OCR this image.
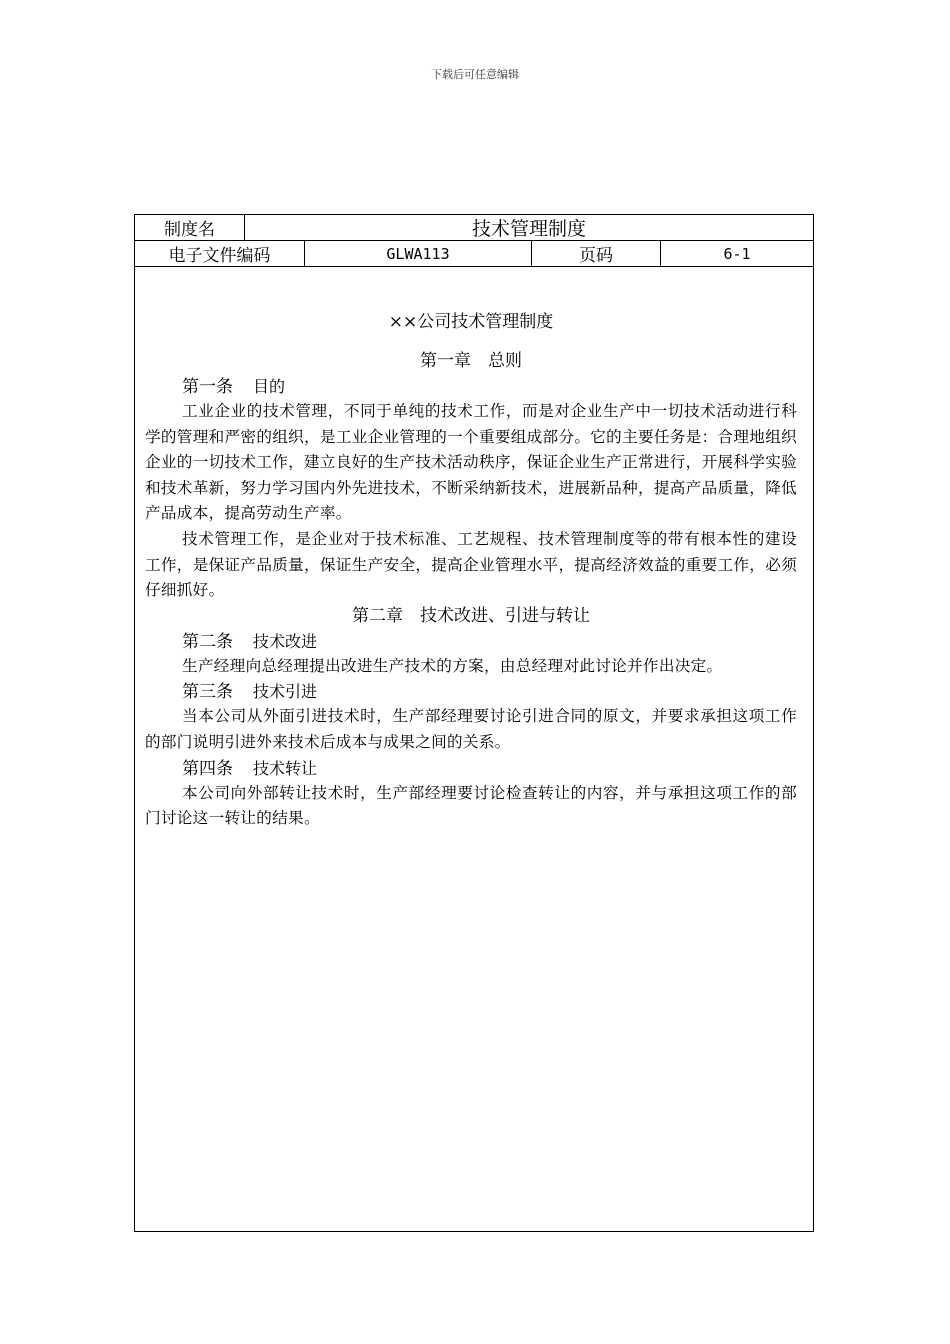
下载后可任意编辑
制度名	技术管理制度
电子文件编码	GLWA113	页码	6-1
××公司技术管理制度
第一章　总则
第一条 目的

工业企业的技术管理，不同于单纯的技术工作，而是对企业生产中一切技术活动进行科学的管理和严密的组织，是工业企业管理的一个重要组成部分。它的主要任务是：合理地组织企业的一切技术工作，建立良好的生产技术活动秩序，保证企业生产正常进行，开展科学实验和技术革新，努力学习国内外先进技术，不断采纳新技术，进展新品种，提高产品质量，降低产品成本，提高劳动生产率。

技术管理工作，是企业对于技术标准、工艺规程、技术管理制度等的带有根本性的建设工作，是保证产品质量，保证生产安全，提高企业管理水平，提高经济效益的重要工作，必须仔细抓好。

第二章　技术改进、引进与转让
第二条 技术改进

生产经理向总经理提出改进生产技术的方案，由总经理对此讨论并作出决定。

第三条 技术引进

当本公司从外面引进技术时，生产部经理要讨论引进合同的原文，并要求承担这项工作的部门说明引进外来技术后成本与成果之间的关系。

第四条 技术转让

本公司向外部转让技术时，生产部经理要讨论检查转让的内容，并与承担这项工作的部门讨论这一转让的结果。
